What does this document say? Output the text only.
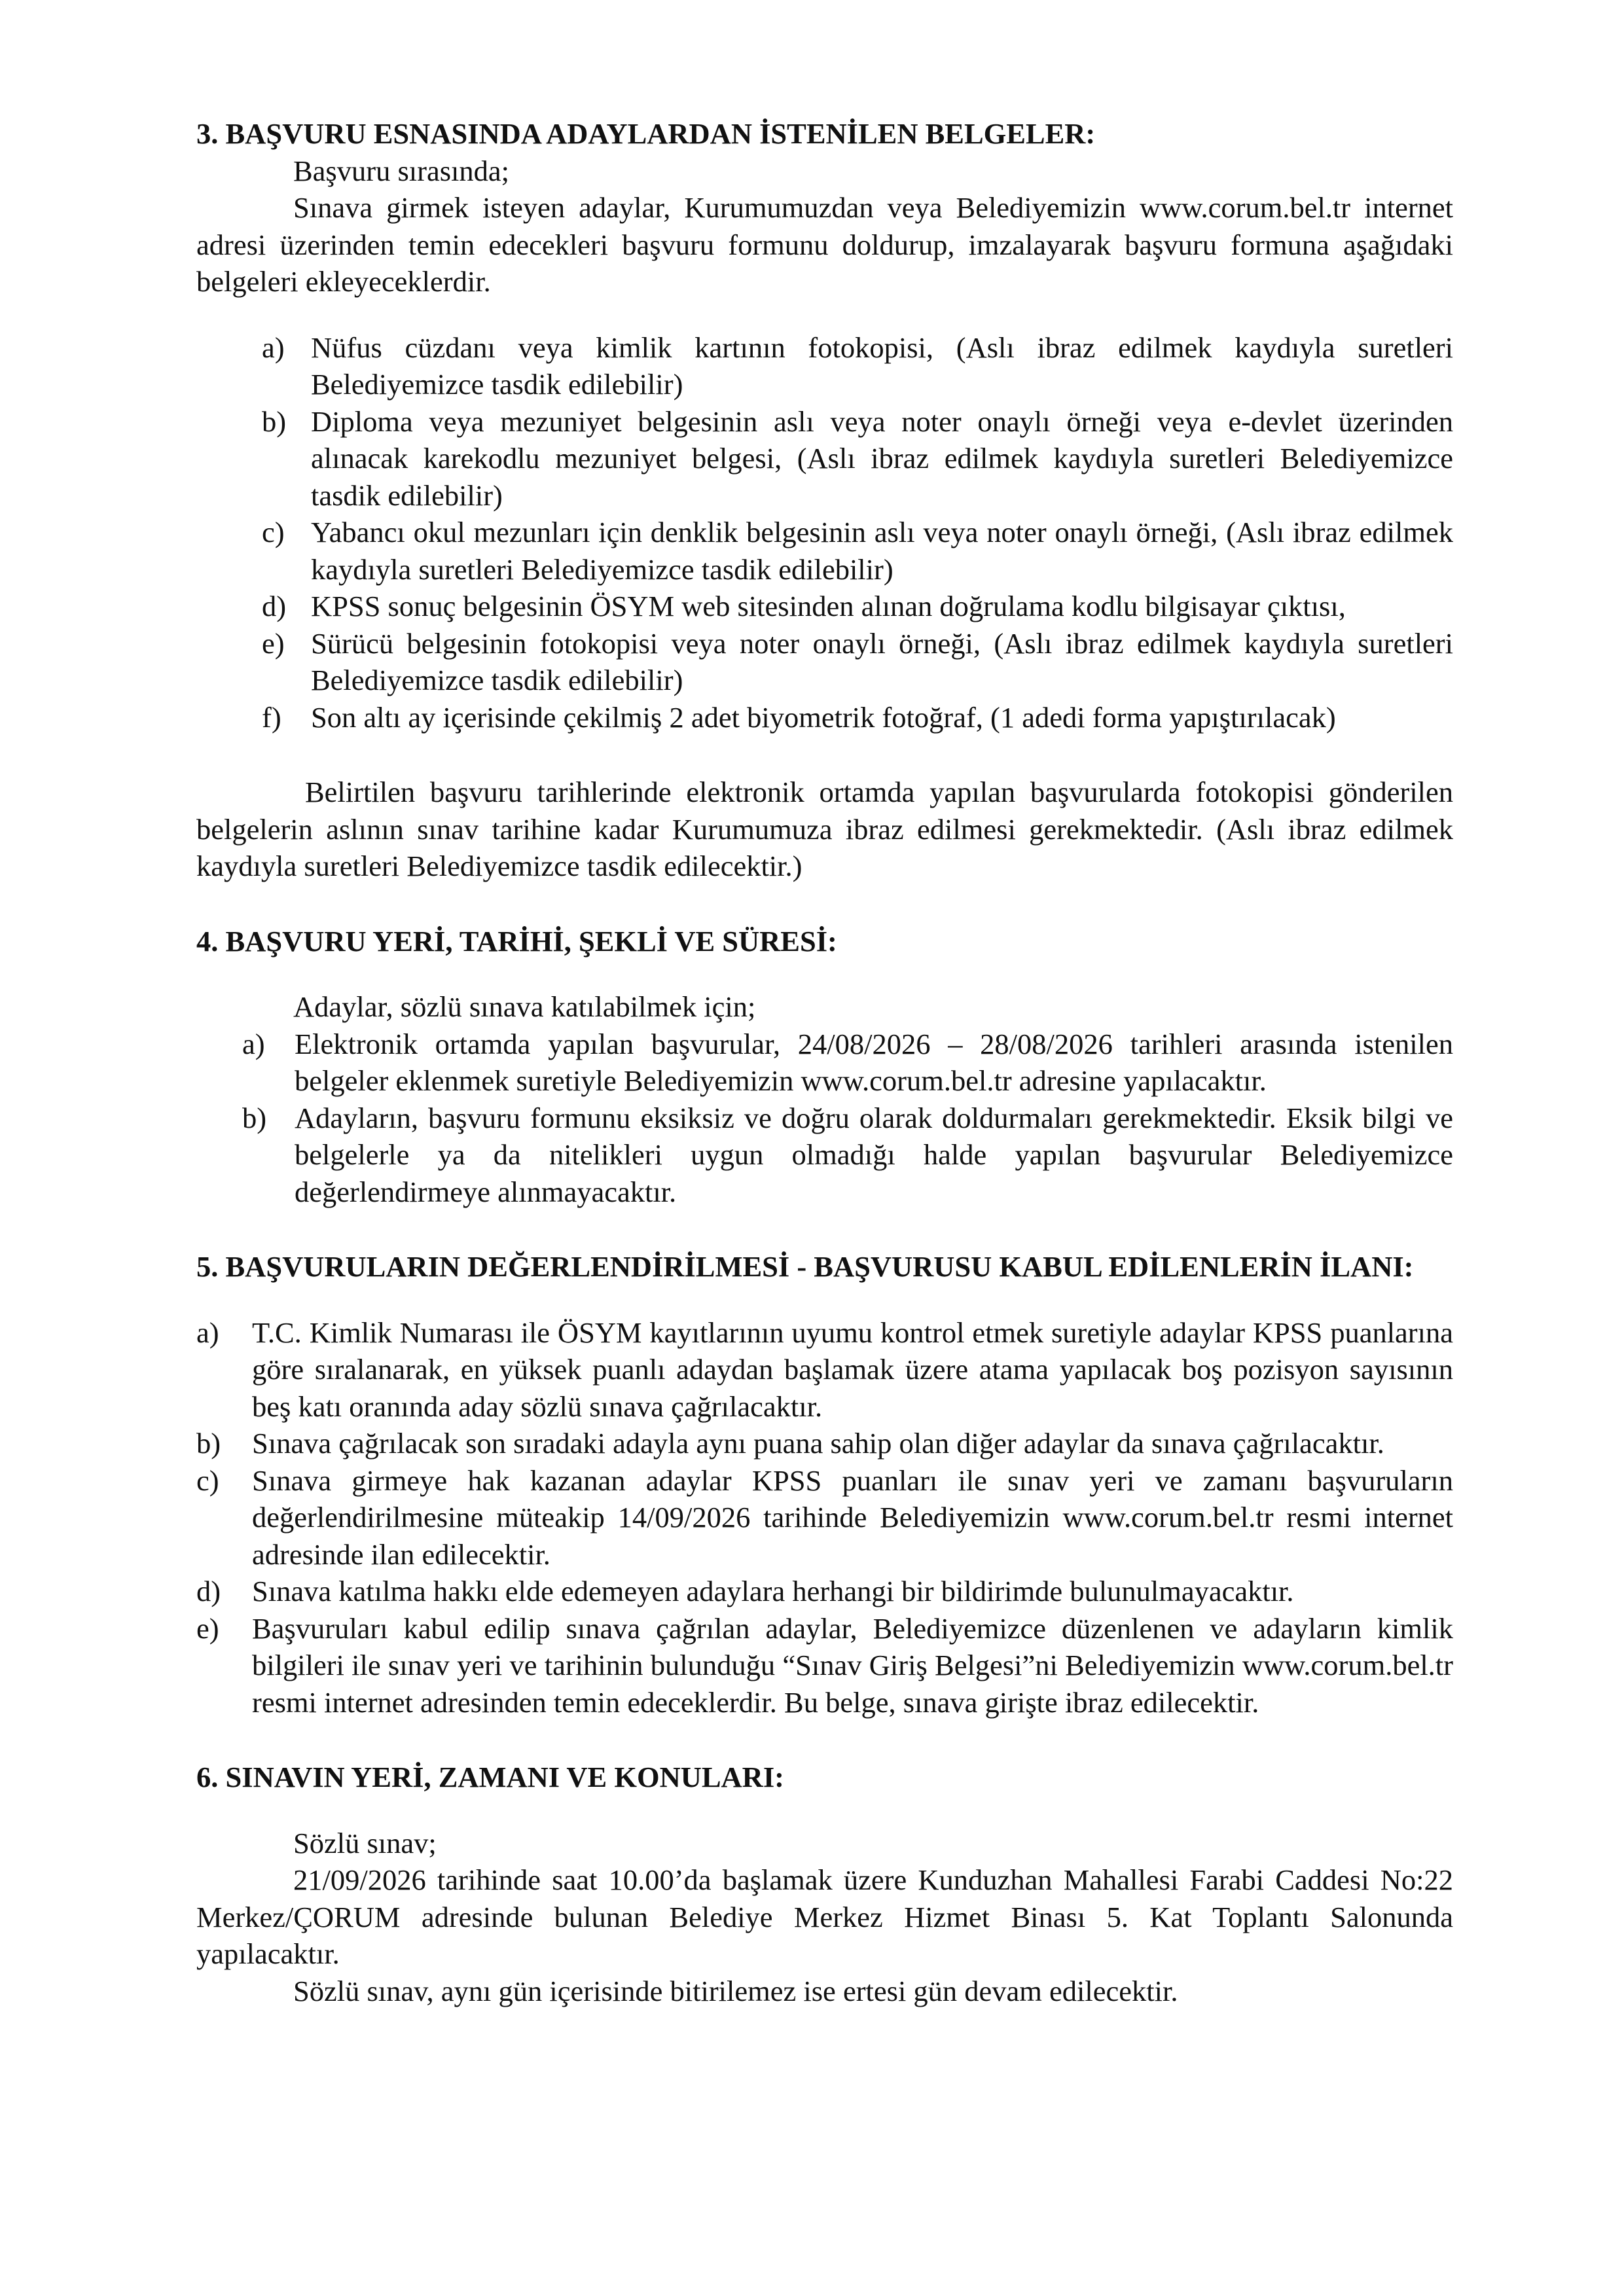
3. BAŞVURU ESNASINDA ADAYLARDAN İSTENİLEN BELGELER:

Başvuru sırasında;

Sınava girmek isteyen adaylar, Kurumumuzdan veya Belediyemizin www.corum.bel.tr internet adresi üzerinden temin edecekleri başvuru formunu doldurup, imzalayarak başvuru formuna aşağıdaki belgeleri ekleyeceklerdir.

a) Nüfus cüzdanı veya kimlik kartının fotokopisi, (Aslı ibraz edilmek kaydıyla suretleri Belediyemizce tasdik edilebilir)
b) Diploma veya mezuniyet belgesinin aslı veya noter onaylı örneği veya e-devlet üzerinden alınacak karekodlu mezuniyet belgesi, (Aslı ibraz edilmek kaydıyla suretleri Belediyemizce tasdik edilebilir)
c) Yabancı okul mezunları için denklik belgesinin aslı veya noter onaylı örneği, (Aslı ibraz edilmek kaydıyla suretleri Belediyemizce tasdik edilebilir)
d) KPSS sonuç belgesinin ÖSYM web sitesinden alınan doğrulama kodlu bilgisayar çıktısı,
e) Sürücü belgesinin fotokopisi veya noter onaylı örneği, (Aslı ibraz edilmek kaydıyla suretleri Belediyemizce tasdik edilebilir)
f) Son altı ay içerisinde çekilmiş 2 adet biyometrik fotoğraf, (1 adedi forma yapıştırılacak)

Belirtilen başvuru tarihlerinde elektronik ortamda yapılan başvurularda fotokopisi gönderilen belgelerin aslının sınav tarihine kadar Kurumumuza ibraz edilmesi gerekmektedir. (Aslı ibraz edilmek kaydıyla suretleri Belediyemizce tasdik edilecektir.)

4. BAŞVURU YERİ, TARİHİ, ŞEKLİ VE SÜRESİ:

Adaylar, sözlü sınava katılabilmek için;

a) Elektronik ortamda yapılan başvurular, 24/08/2026 – 28/08/2026 tarihleri arasında istenilen belgeler eklenmek suretiyle Belediyemizin www.corum.bel.tr adresine yapılacaktır.
b) Adayların, başvuru formunu eksiksiz ve doğru olarak doldurmaları gerekmektedir. Eksik bilgi ve belgelerle ya da nitelikleri uygun olmadığı halde yapılan başvurular Belediyemizce değerlendirmeye alınmayacaktır.

5. BAŞVURULARIN DEĞERLENDİRİLMESİ - BAŞVURUSU KABUL EDİLENLERİN İLANI:

a) T.C. Kimlik Numarası ile ÖSYM kayıtlarının uyumu kontrol etmek suretiyle adaylar KPSS puanlarına göre sıralanarak, en yüksek puanlı adaydan başlamak üzere atama yapılacak boş pozisyon sayısının beş katı oranında aday sözlü sınava çağrılacaktır.
b) Sınava çağrılacak son sıradaki adayla aynı puana sahip olan diğer adaylar da sınava çağrılacaktır.
c) Sınava girmeye hak kazanan adaylar KPSS puanları ile sınav yeri ve zamanı başvuruların değerlendirilmesine müteakip 14/09/2026 tarihinde Belediyemizin www.corum.bel.tr resmi internet adresinde ilan edilecektir.
d) Sınava katılma hakkı elde edemeyen adaylara herhangi bir bildirimde bulunulmayacaktır.
e) Başvuruları kabul edilip sınava çağrılan adaylar, Belediyemizce düzenlenen ve adayların kimlik bilgileri ile sınav yeri ve tarihinin bulunduğu “Sınav Giriş Belgesi”ni Belediyemizin www.corum.bel.tr resmi internet adresinden temin edeceklerdir. Bu belge, sınava girişte ibraz edilecektir.

6. SINAVIN YERİ, ZAMANI VE KONULARI:

Sözlü sınav;

21/09/2026 tarihinde saat 10.00’da başlamak üzere Kunduzhan Mahallesi Farabi Caddesi No:22 Merkez/ÇORUM adresinde bulunan Belediye Merkez Hizmet Binası 5. Kat Toplantı Salonunda yapılacaktır.

Sözlü sınav, aynı gün içerisinde bitirilemez ise ertesi gün devam edilecektir.
